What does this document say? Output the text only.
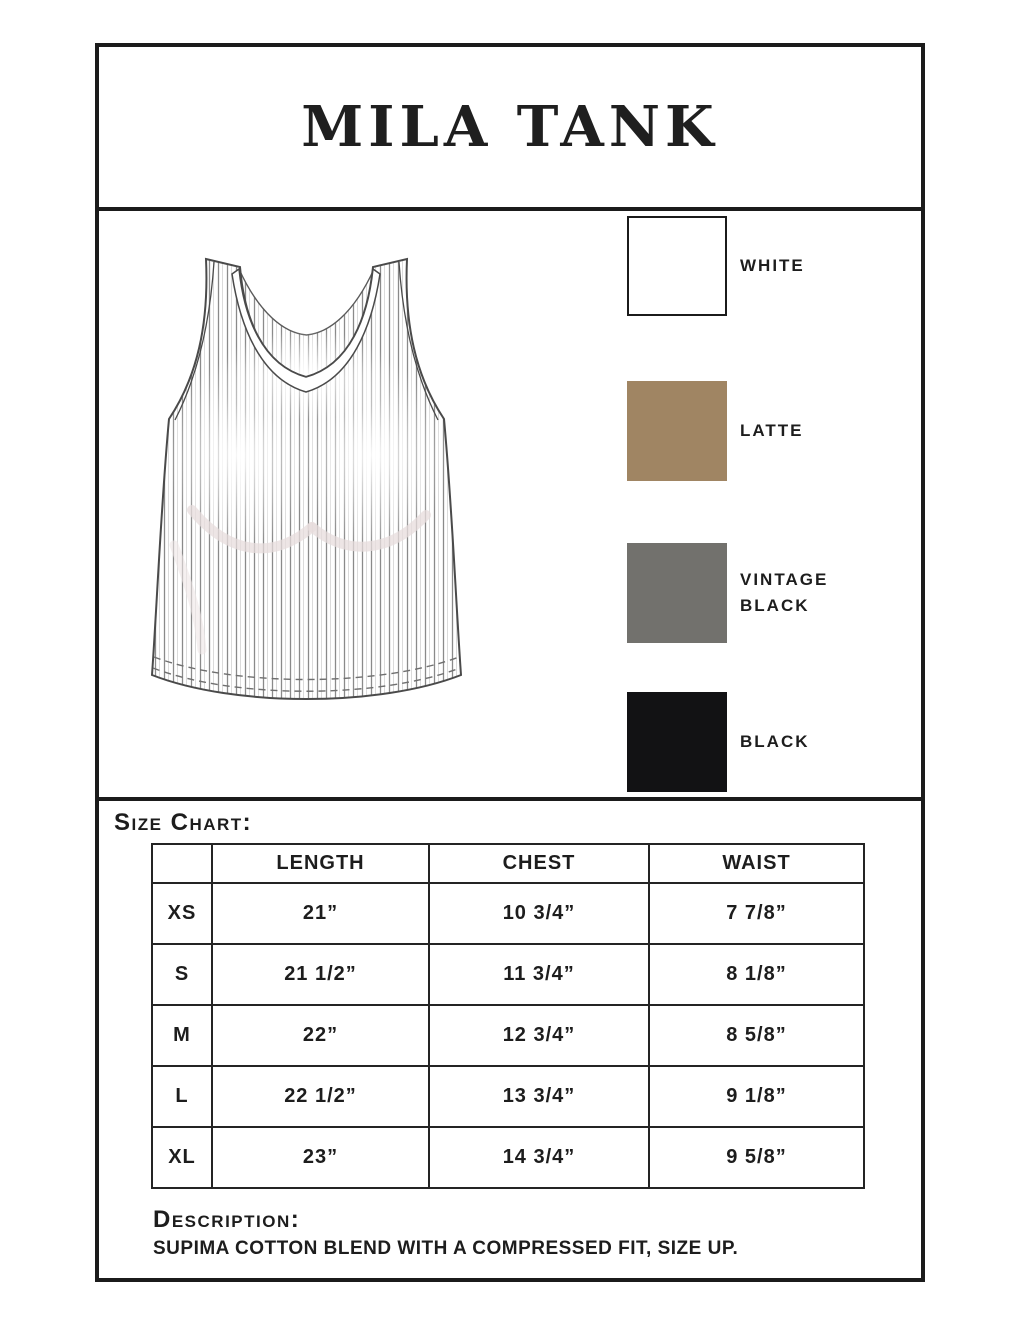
MILA TANK
WHITE
LATTE
VINTAGE BLACK
BLACK
Size Chart:
	LENGTH	CHEST	WAIST
XS	21”	10 3/4”	7 7/8”
S	21 1/2”	11 3/4”	8 1/8”
M	22”	12 3/4”	8 5/8”
L	22 1/2”	13 3/4”	9 1/8”
XL	23”	14 3/4”	9 5/8”
Description:
SUPIMA COTTON BLEND WITH A COMPRESSED FIT, SIZE UP.
